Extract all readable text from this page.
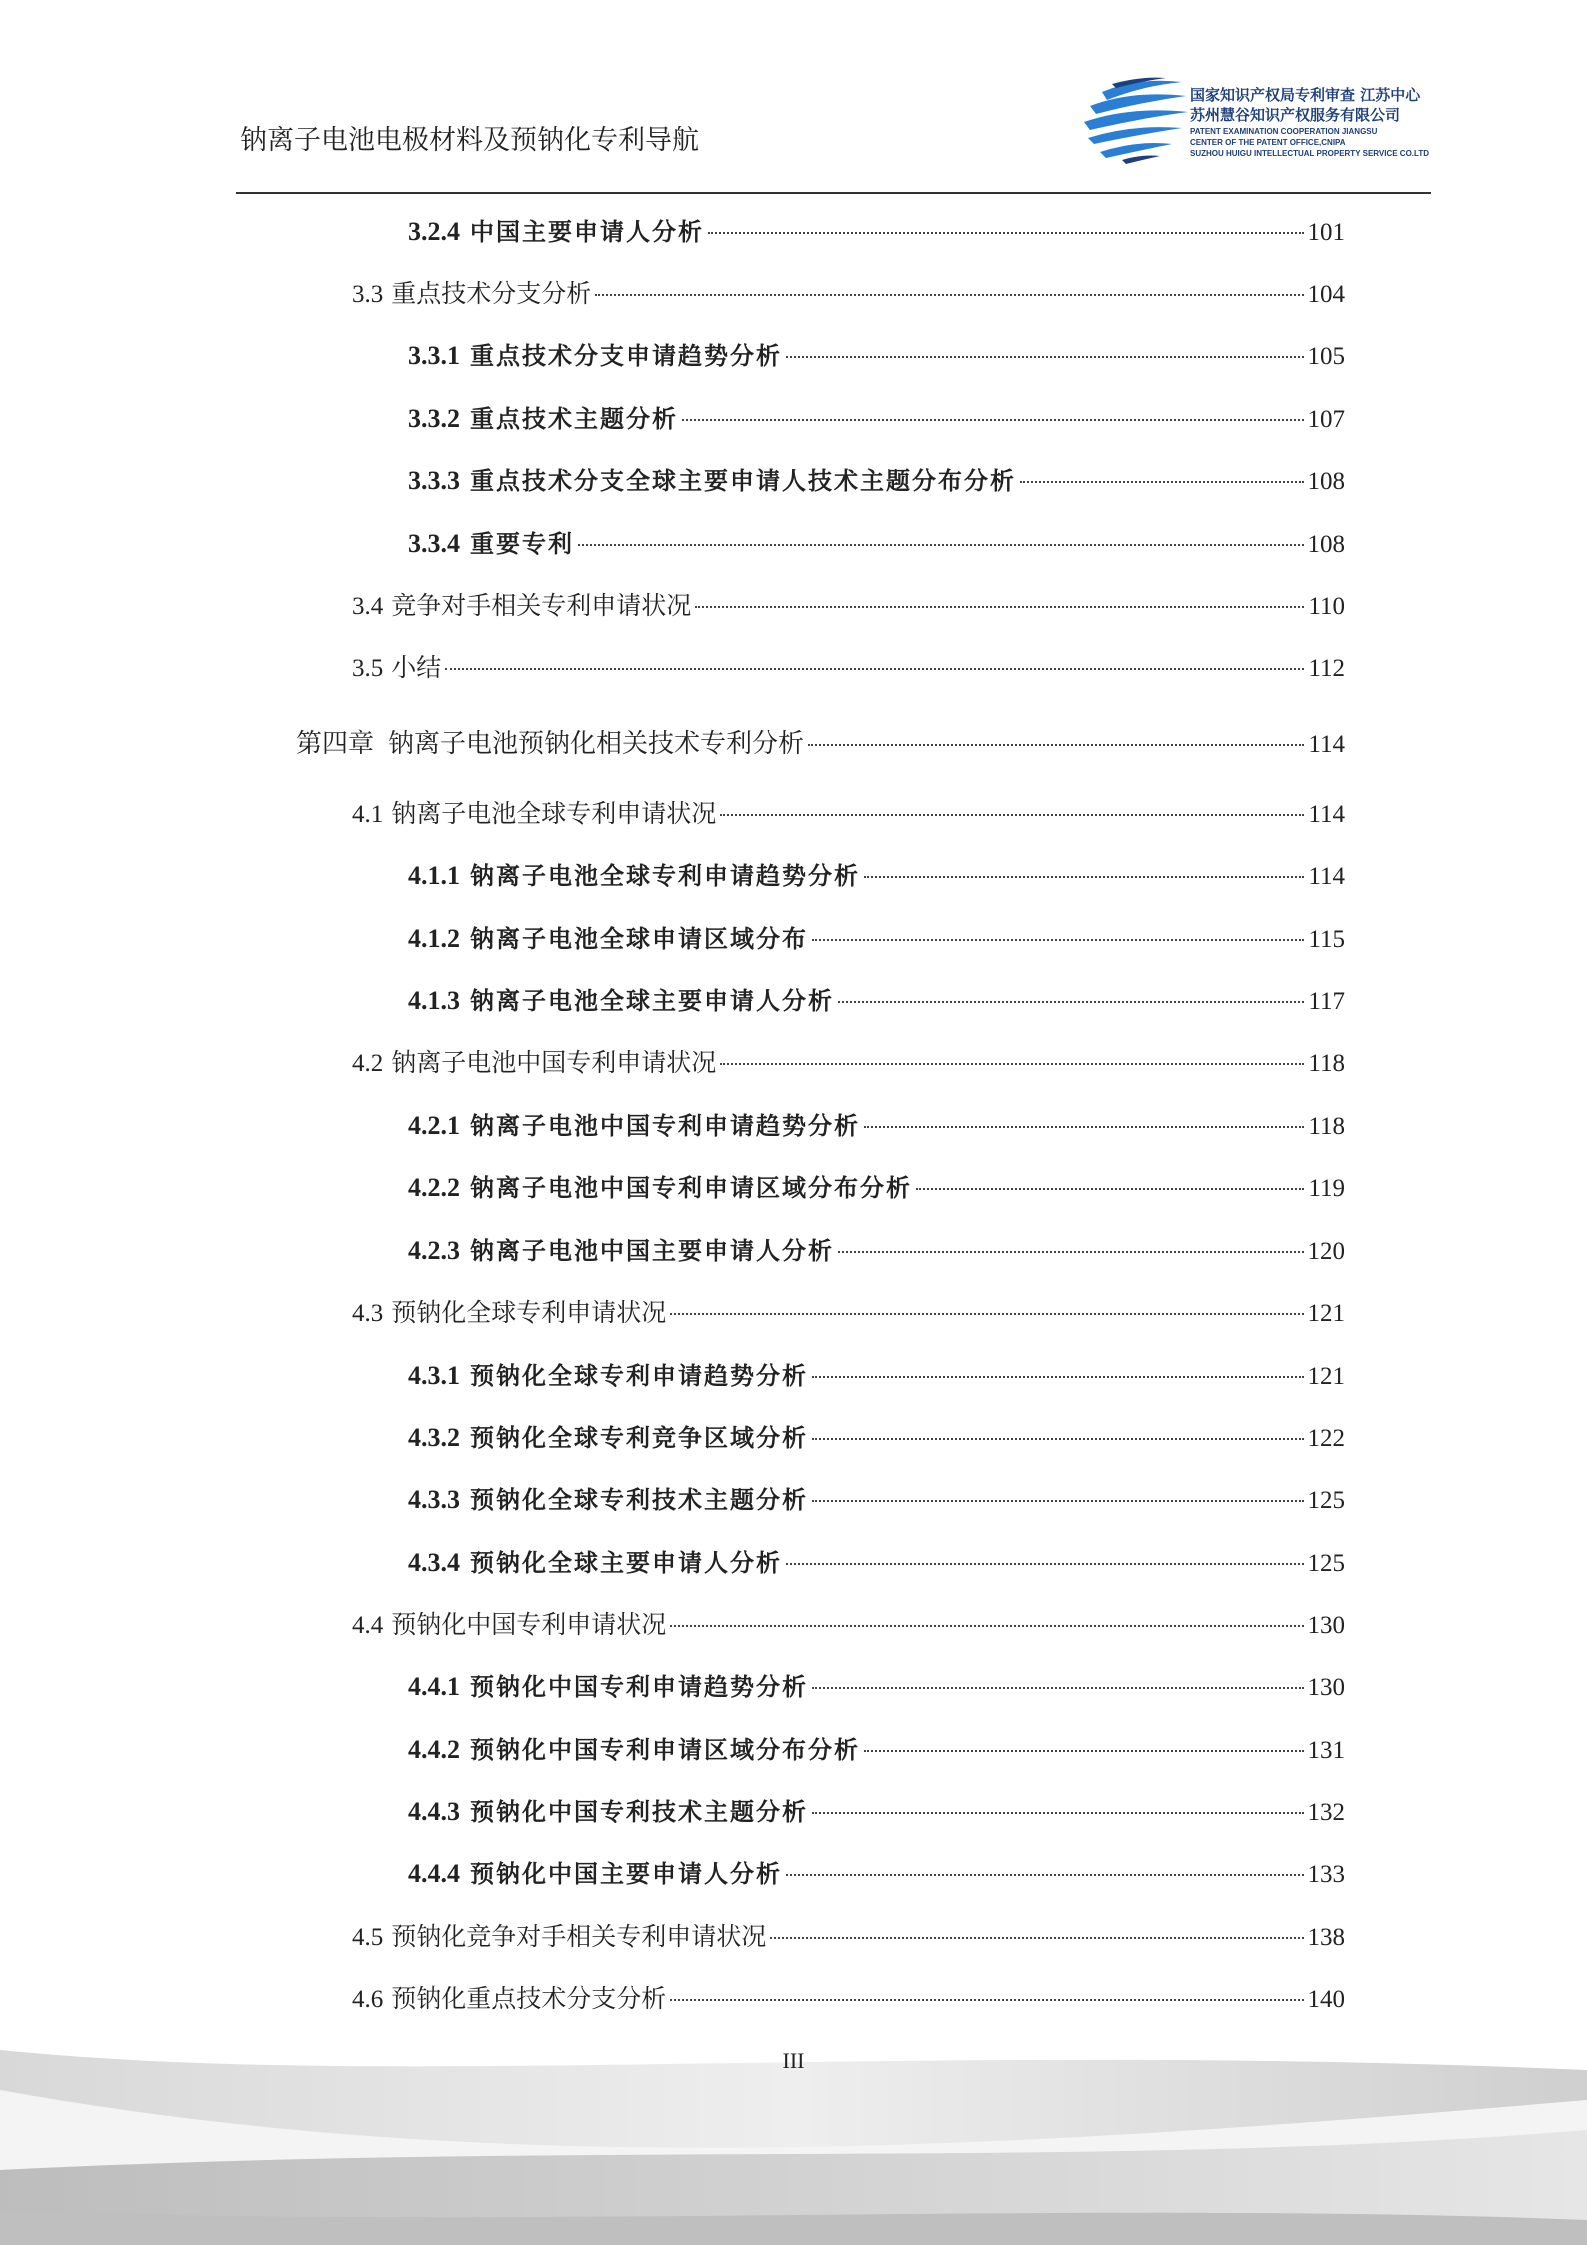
钠离子电池电极材料及预钠化专利导航
国家知识产权局专利审查 江苏中心
苏州慧谷知识产权服务有限公司
PATENT EXAMINATION COOPERATION JIANGSU
CENTER OF THE PATENT OFFICE,CNIPA
SUZHOU HUIGU INTELLECTUAL PROPERTY SERVICE CO.LTD
3.2.4 中国主要申请人分析	101
3.3 重点技术分支分析	104
3.3.1 重点技术分支申请趋势分析	105
3.3.2 重点技术主题分析	107
3.3.3 重点技术分支全球主要申请人技术主题分布分析	108
3.3.4 重要专利	108
3.4 竞争对手相关专利申请状况	110
3.5 小结	112
第四章 钠离子电池预钠化相关技术专利分析	114
4.1 钠离子电池全球专利申请状况	114
4.1.1 钠离子电池全球专利申请趋势分析	114
4.1.2 钠离子电池全球申请区域分布	115
4.1.3 钠离子电池全球主要申请人分析	117
4.2 钠离子电池中国专利申请状况	118
4.2.1 钠离子电池中国专利申请趋势分析	118
4.2.2 钠离子电池中国专利申请区域分布分析	119
4.2.3 钠离子电池中国主要申请人分析	120
4.3 预钠化全球专利申请状况	121
4.3.1 预钠化全球专利申请趋势分析	121
4.3.2 预钠化全球专利竞争区域分析	122
4.3.3 预钠化全球专利技术主题分析	125
4.3.4 预钠化全球主要申请人分析	125
4.4 预钠化中国专利申请状况	130
4.4.1 预钠化中国专利申请趋势分析	130
4.4.2 预钠化中国专利申请区域分布分析	131
4.4.3 预钠化中国专利技术主题分析	132
4.4.4 预钠化中国主要申请人分析	133
4.5 预钠化竞争对手相关专利申请状况	138
4.6 预钠化重点技术分支分析	140
III
